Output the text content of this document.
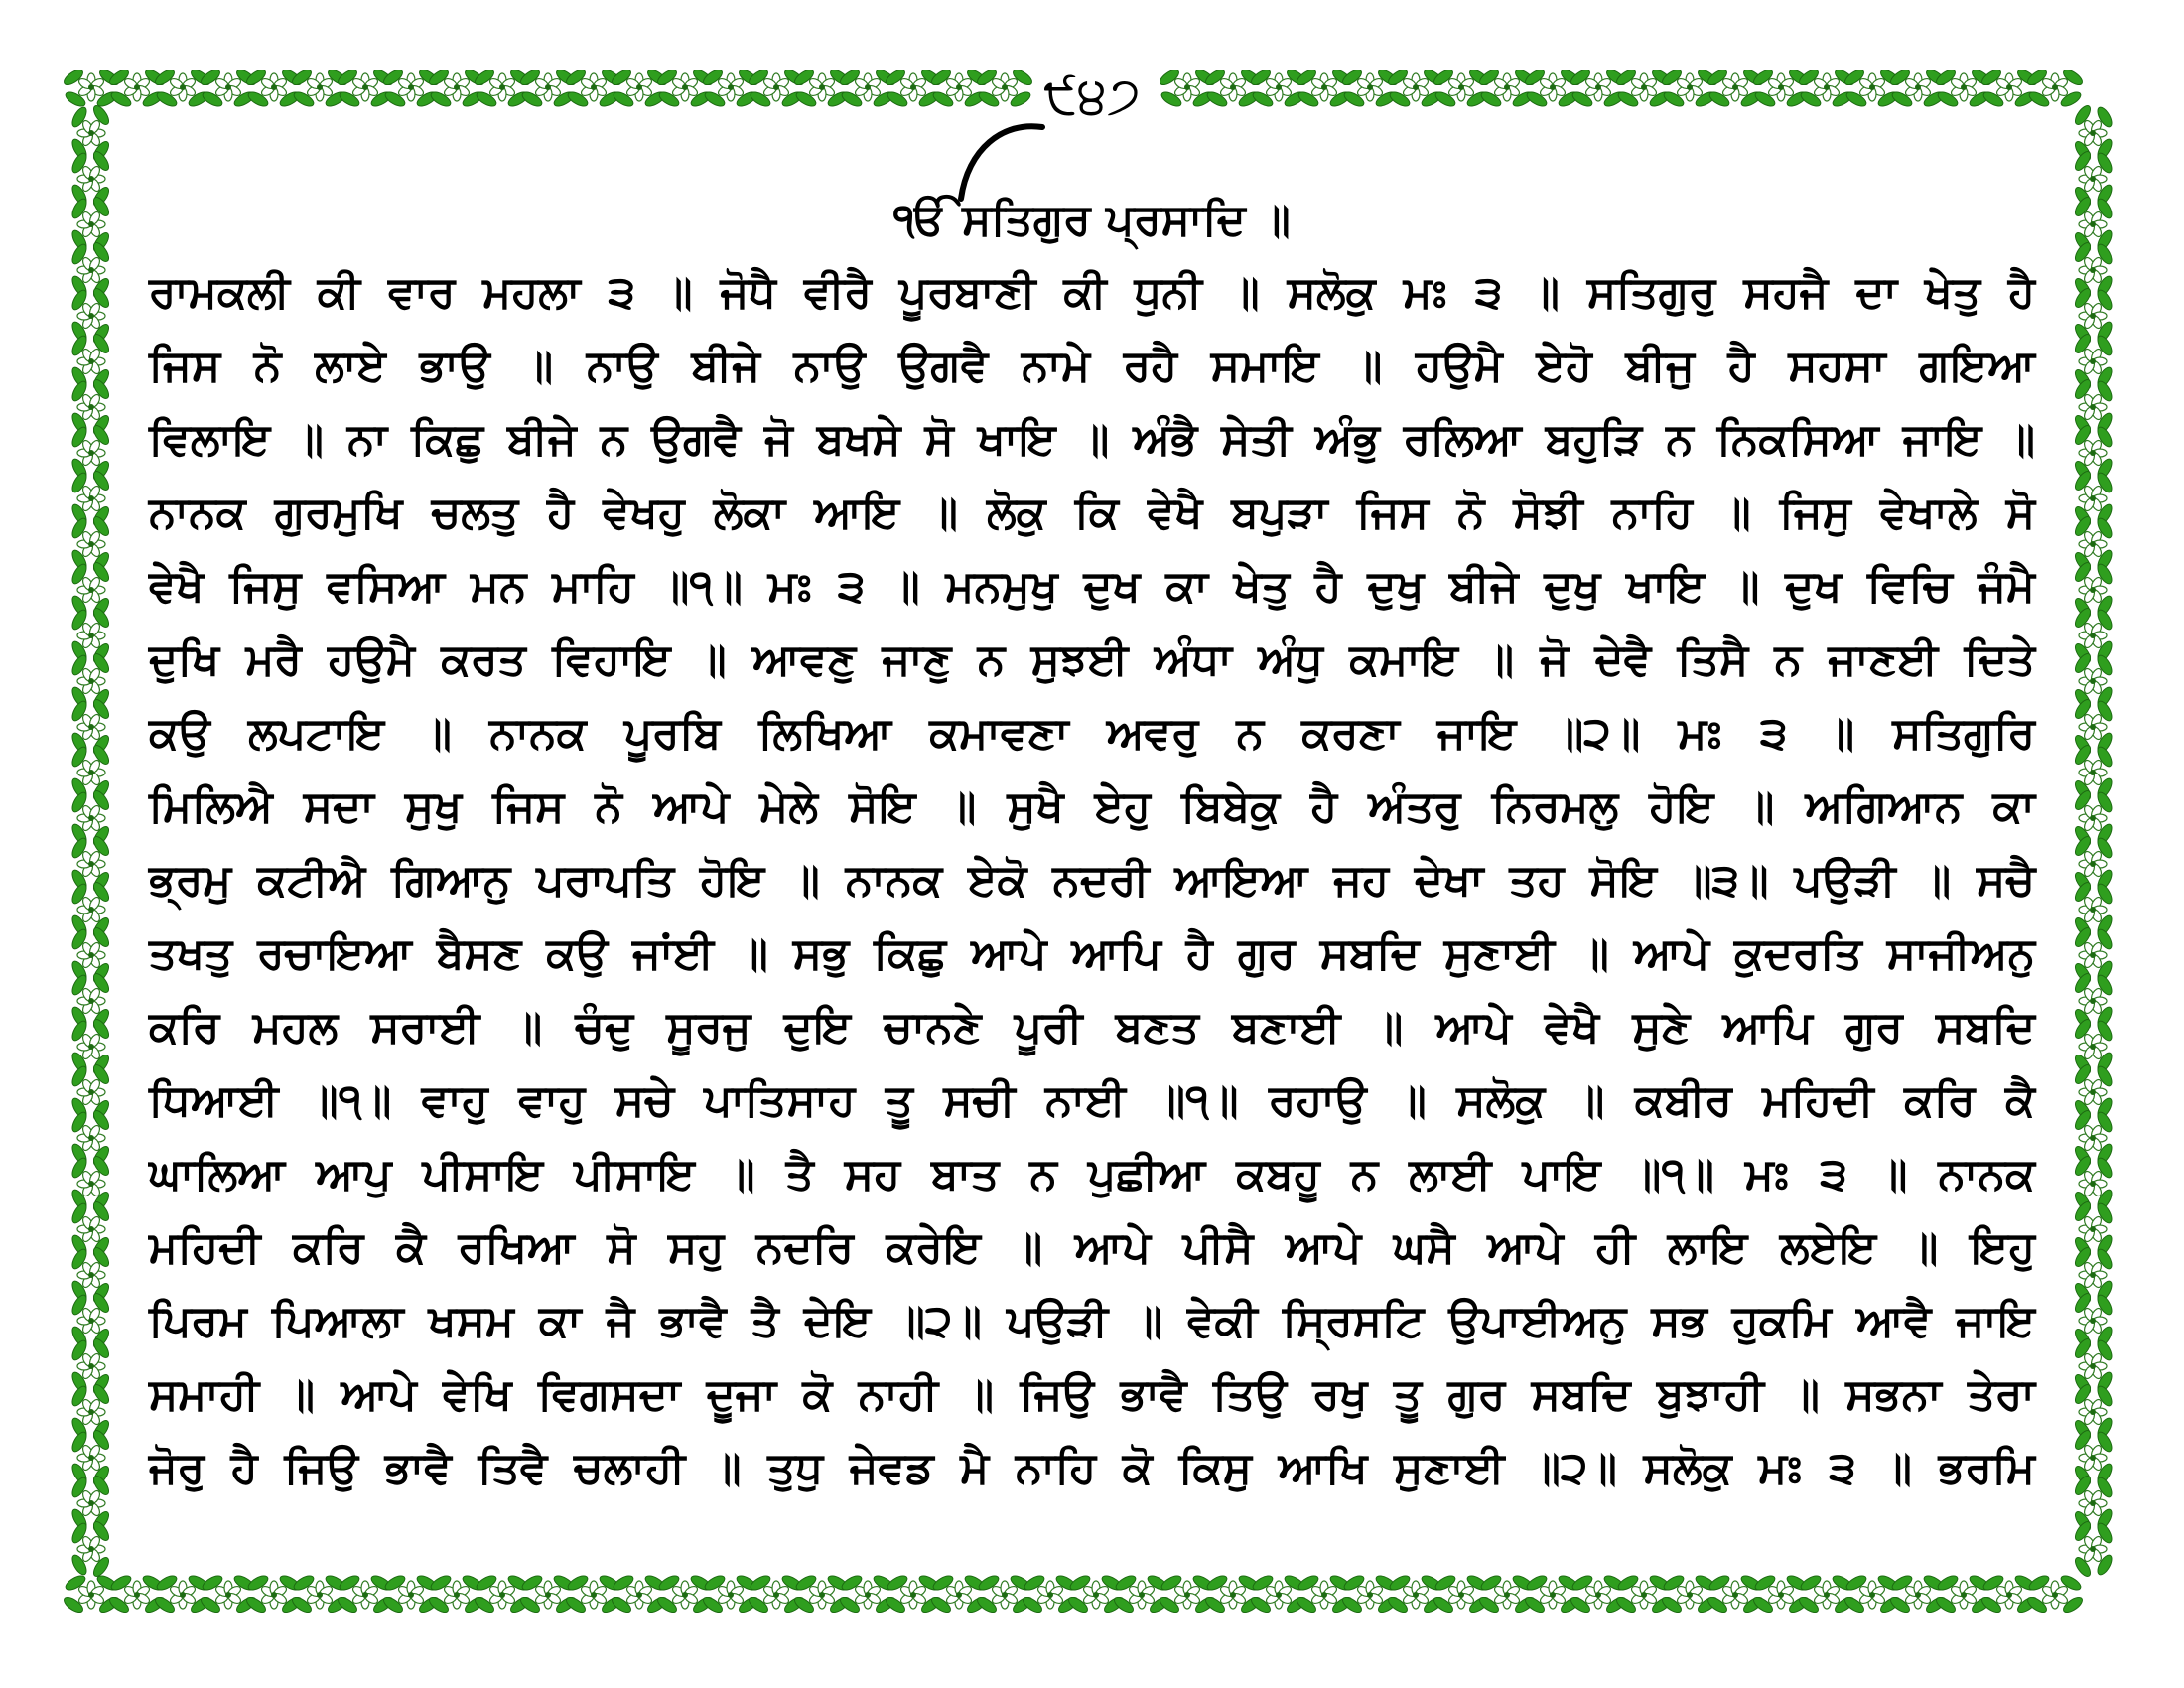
੯੪੭
ੴ ਸਤਿਗੁਰ ਪ੍ਰਸਾਦਿ ॥
ਰਾਮਕਲੀ ਕੀ ਵਾਰ ਮਹਲਾ ੩ ॥ ਜੋਧੈ ਵੀਰੈ ਪੂਰਬਾਣੀ ਕੀ ਧੁਨੀ ॥ ਸਲੋਕੁ ਮਃ ੩ ॥ ਸਤਿਗੁਰੁ ਸਹਜੈ ਦਾ ਖੇਤੁ ਹੈ
ਜਿਸ ਨੋ ਲਾਏ ਭਾਉ ॥ ਨਾਉ ਬੀਜੇ ਨਾਉ ਉਗਵੈ ਨਾਮੇ ਰਹੈ ਸਮਾਇ ॥ ਹਉਮੈ ਏਹੋ ਬੀਜੁ ਹੈ ਸਹਸਾ ਗਇਆ
ਵਿਲਾਇ ॥ ਨਾ ਕਿਛੁ ਬੀਜੇ ਨ ਉਗਵੈ ਜੋ ਬਖਸੇ ਸੋ ਖਾਇ ॥ ਅੰਭੈ ਸੇਤੀ ਅੰਭੁ ਰਲਿਆ ਬਹੁੜਿ ਨ ਨਿਕਸਿਆ ਜਾਇ ॥
ਨਾਨਕ ਗੁਰਮੁਖਿ ਚਲਤੁ ਹੈ ਵੇਖਹੁ ਲੋਕਾ ਆਇ ॥ ਲੋਕੁ ਕਿ ਵੇਖੈ ਬਪੁੜਾ ਜਿਸ ਨੋ ਸੋਝੀ ਨਾਹਿ ॥ ਜਿਸੁ ਵੇਖਾਲੇ ਸੋ
ਵੇਖੈ ਜਿਸੁ ਵਸਿਆ ਮਨ ਮਾਹਿ ॥੧॥ ਮਃ ੩ ॥ ਮਨਮੁਖੁ ਦੁਖ ਕਾ ਖੇਤੁ ਹੈ ਦੁਖੁ ਬੀਜੇ ਦੁਖੁ ਖਾਇ ॥ ਦੁਖ ਵਿਚਿ ਜੰਮੈ
ਦੁਖਿ ਮਰੈ ਹਉਮੈ ਕਰਤ ਵਿਹਾਇ ॥ ਆਵਣੁ ਜਾਣੁ ਨ ਸੁਝਈ ਅੰਧਾ ਅੰਧੁ ਕਮਾਇ ॥ ਜੋ ਦੇਵੈ ਤਿਸੈ ਨ ਜਾਣਈ ਦਿਤੇ
ਕਉ ਲਪਟਾਇ ॥ ਨਾਨਕ ਪੂਰਬਿ ਲਿਖਿਆ ਕਮਾਵਣਾ ਅਵਰੁ ਨ ਕਰਣਾ ਜਾਇ ॥੨॥ ਮਃ ੩ ॥ ਸਤਿਗੁਰਿ
ਮਿਲਿਐ ਸਦਾ ਸੁਖੁ ਜਿਸ ਨੋ ਆਪੇ ਮੇਲੇ ਸੋਇ ॥ ਸੁਖੈ ਏਹੁ ਬਿਬੇਕੁ ਹੈ ਅੰਤਰੁ ਨਿਰਮਲੁ ਹੋਇ ॥ ਅਗਿਆਨ ਕਾ
ਭ੍ਰਮੁ ਕਟੀਐ ਗਿਆਨੁ ਪਰਾਪਤਿ ਹੋਇ ॥ ਨਾਨਕ ਏਕੋ ਨਦਰੀ ਆਇਆ ਜਹ ਦੇਖਾ ਤਹ ਸੋਇ ॥੩॥ ਪਉੜੀ ॥ ਸਚੈ
ਤਖਤੁ ਰਚਾਇਆ ਬੈਸਣ ਕਉ ਜਾਂਈ ॥ ਸਭੁ ਕਿਛੁ ਆਪੇ ਆਪਿ ਹੈ ਗੁਰ ਸਬਦਿ ਸੁਣਾਈ ॥ ਆਪੇ ਕੁਦਰਤਿ ਸਾਜੀਅਨੁ
ਕਰਿ ਮਹਲ ਸਰਾਈ ॥ ਚੰਦੁ ਸੂਰਜੁ ਦੁਇ ਚਾਨਣੇ ਪੂਰੀ ਬਣਤ ਬਣਾਈ ॥ ਆਪੇ ਵੇਖੈ ਸੁਣੇ ਆਪਿ ਗੁਰ ਸਬਦਿ
ਧਿਆਈ ॥੧॥ ਵਾਹੁ ਵਾਹੁ ਸਚੇ ਪਾਤਿਸਾਹ ਤੂ ਸਚੀ ਨਾਈ ॥੧॥ ਰਹਾਉ ॥ ਸਲੋਕੁ ॥ ਕਬੀਰ ਮਹਿਦੀ ਕਰਿ ਕੈ
ਘਾਲਿਆ ਆਪੁ ਪੀਸਾਇ ਪੀਸਾਇ ॥ ਤੈ ਸਹ ਬਾਤ ਨ ਪੁਛੀਆ ਕਬਹੂ ਨ ਲਾਈ ਪਾਇ ॥੧॥ ਮਃ ੩ ॥ ਨਾਨਕ
ਮਹਿਦੀ ਕਰਿ ਕੈ ਰਖਿਆ ਸੋ ਸਹੁ ਨਦਰਿ ਕਰੇਇ ॥ ਆਪੇ ਪੀਸੈ ਆਪੇ ਘਸੈ ਆਪੇ ਹੀ ਲਾਇ ਲਏਇ ॥ ਇਹੁ
ਪਿਰਮ ਪਿਆਲਾ ਖਸਮ ਕਾ ਜੈ ਭਾਵੈ ਤੈ ਦੇਇ ॥੨॥ ਪਉੜੀ ॥ ਵੇਕੀ ਸ੍ਰਿਸਟਿ ਉਪਾਈਅਨੁ ਸਭ ਹੁਕਮਿ ਆਵੈ ਜਾਇ
ਸਮਾਹੀ ॥ ਆਪੇ ਵੇਖਿ ਵਿਗਸਦਾ ਦੂਜਾ ਕੋ ਨਾਹੀ ॥ ਜਿਉ ਭਾਵੈ ਤਿਉ ਰਖੁ ਤੂ ਗੁਰ ਸਬਦਿ ਬੁਝਾਹੀ ॥ ਸਭਨਾ ਤੇਰਾ
ਜੋਰੁ ਹੈ ਜਿਉ ਭਾਵੈ ਤਿਵੈ ਚਲਾਹੀ ॥ ਤੁਧੁ ਜੇਵਡ ਮੈ ਨਾਹਿ ਕੋ ਕਿਸੁ ਆਖਿ ਸੁਣਾਈ ॥੨॥ ਸਲੋਕੁ ਮਃ ੩ ॥ ਭਰਮਿ
